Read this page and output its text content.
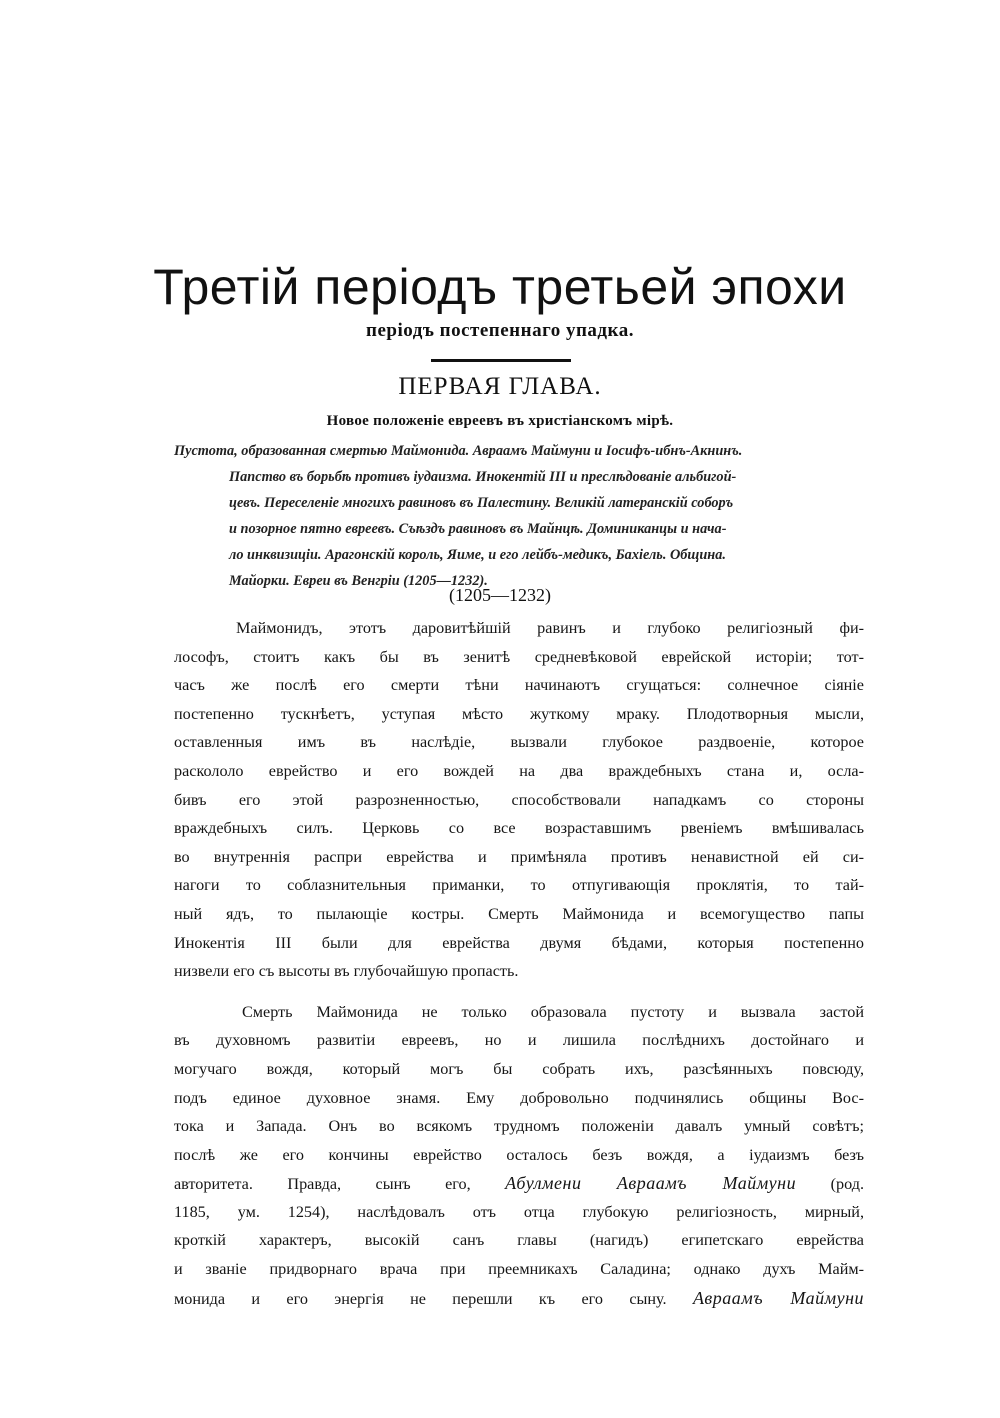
Третій періодъ третьей эпохи
періодъ постепеннаго упадка.
ПЕРВАЯ ГЛАВА.
Новое положеніе евреевъ въ христіанскомъ мірѣ.
Пустота, образованная смертью Маймонида. Авраамъ Маймуни и Іосифъ-ибнъ-Акнинъ.
Папство въ борьбѣ противъ іудаизма. Инокентій III и преслѣдованіе альбигой-
цевъ. Переселеніе многихъ равиновъ въ Палестину. Великій латеранскій соборъ
и позорное пятно евреевъ. Съѣздъ равиновъ въ Майнцѣ. Доминиканцы и нача-
ло инквизиціи. Арагонскій король, Яиме, и его лейбъ-медикъ, Бахіель. Община.
Майорки. Евреи въ Венгріи (1205—1232).
(1205—1232)
Маймонидъ, этотъ даровитѣйшій равинъ и глубоко религіозный фи-
лософъ, стоитъ какъ бы въ зенитѣ средневѣковой еврейской исторіи; тот-
часъ же послѣ его смерти тѣни начинаютъ сгущаться: солнечное сіяніе
постепенно тускнѣетъ, уступая мѣсто жуткому мраку. Плодотворныя мысли,
оставленныя имъ въ наслѣдіе, вызвали глубокое раздвоеніе, которое
раскололо еврейство и его вождей на два враждебныхъ стана и, осла-
бивъ его этой разрозненностью, способствовали нападкамъ со стороны
враждебныхъ силъ. Церковь со все возраставшимъ рвеніемъ вмѣшивалась
во внутреннія распри еврейства и примѣняла противъ ненавистной ей си-
нагоги то соблазнительныя приманки, то отпугивающія проклятія, то тай-
ный ядъ, то пылающіе костры. Смерть Маймонида и всемогущество папы
Инокентія III были для еврейства двумя бѣдами, которыя постепенно
низвели его съ высоты въ глубочайшую пропасть.
Смерть Маймонида не только образовала пустоту и вызвала застой
въ духовномъ развитіи евреевъ, но и лишила послѣднихъ достойнаго и
могучаго вождя, который могъ бы собрать ихъ, разсѣянныхъ повсюду,
подъ единое духовное знамя. Ему добровольно подчинялись общины Вос-
тока и Запада. Онъ во всякомъ трудномъ положеніи давалъ умный совѣтъ;
послѣ же его кончины еврейство осталось безъ вождя, а іудаизмъ безъ
авторитета. Правда, сынъ его, Абулмени Авраамъ Маймуни (род.
1185, ум. 1254), наслѣдовалъ отъ отца глубокую религіозность, мирный,
кроткій характеръ, высокій санъ главы (нагидъ) египетскаго еврейства
и званіе придворнаго врача при преемникахъ Саладина; однако духъ Майм-
монида и его энергія не перешли къ его сыну. Авраамъ Маймуни
